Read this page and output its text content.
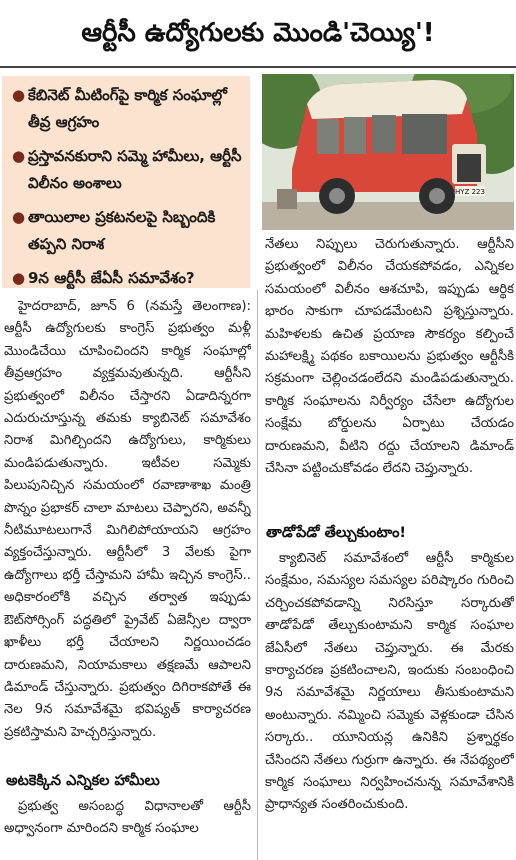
ఆర్టీసీ ఉద్యోగులకు మొండి'చెయ్యి'!
● కేబినెట్ మీటింగ్‌పై కార్మిక సంఘాల్లో తీవ్ర ఆగ్రహం
● ప్రస్తావనకురాని సమ్మె హామీలు, ఆర్టీసీ విలీనం అంశాలు
● తాయిలాల ప్రకటనలపై సిబ్బందికి తప్పని నిరాశ
● 9న ఆర్టీసీ జేఏసీ సమావేశం?
HYZ 223

హైదరాబాద్, జూన్ 6 (నమస్తే తెలంగాణ): ఆర్టీసీ ఉద్యోగులకు కాంగ్రెస్ ప్రభుత్వం మళ్లీ మొండిచేయి చూపించిందని కార్మిక సంఘాల్లో తీవ్రఆగ్రహం వ్యక్తమవుతున్నది. ఆర్టీసీని ప్రభుత్వంలో విలీనం చేస్తారని ఏడాదిన్నరగా ఎదురుచూస్తున్న తమకు క్యాబినెట్ సమావేశం నిరాశ మిగిల్చిందని ఉద్యోగులు, కార్మికులు మండిపడుతున్నారు. ఇటీవల సమ్మెకు పిలుపునిచ్చిన సమయంలో రవాణాశాఖ మంత్రి పొన్నం ప్రభాకర్ చాలా మాటలు చెప్పారని, అవన్నీ నీటిమూటలుగానే మిగిలిపోయాయని ఆగ్రహం వ్యక్తంచేస్తున్నారు. ఆర్టీసీలో 3 వేలకు పైగా ఉద్యోగాలు భర్తీ చేస్తామని హామీ ఇచ్చిన కాంగ్రెస్.. అధికారంలోకి వచ్చిన తర్వాత ఇప్పుడు ఔట్‌సోర్సింగ్ పద్ధతిలో ప్రైవేట్ ఏజెన్సీల ద్వారా ఖాళీలు భర్తీ చేయాలని నిర్ణయించడం దారుణమని, నియామకాలు తక్షణమే ఆపాలని డిమాండ్ చేస్తున్నారు. ప్రభుత్వం దిగిరాకపోతే ఈ నెల 9న సమావేశమై భవిష్యత్ కార్యాచరణ ప్రకటిస్తామని హెచ్చరిస్తున్నారు.

అటకెక్కిన ఎన్నికల హామీలు

ప్రభుత్వ అసంబద్ధ విధానాలతో ఆర్టీసీ అధ్వానంగా మారిందని కార్మిక సంఘాల

నేతలు నిప్పులు చెరుగుతున్నారు. ఆర్టీసీని ప్రభుత్వంలో విలీనం చేయకపోవడం, ఎన్నికల సమయంలో విలీనం ఆశచూపి, ఇప్పుడు ఆర్థిక భారం సాకుగా చూపడమేంటని ప్రశ్నిస్తున్నారు. మహిళలకు ఉచిత ప్రయాణ సౌకర్యం కల్పించే మహాలక్ష్మి పథకం బకాయిలను ప్రభుత్వం ఆర్టీసీకి సక్రమంగా చెల్లించడంలేదని మండిపడుతున్నారు. కార్మిక సంఘాలను నిర్వీర్యం చేసేలా ఉద్యోగుల సంక్షేమ బోర్డులను ఏర్పాటు చేయడం దారుణమని, వీటిని రద్దు చేయాలని డిమాండ్ చేసినా పట్టించుకోవడం లేదని చెప్తున్నారు.

తాడోపేడో తేల్చుకుంటాం!

క్యాబినెట్ సమావేశంలో ఆర్టీసీ కార్మికుల సంక్షేమం, సమస్యల సమస్యల పరిష్కారం గురించి చర్చించకపోవడాన్ని నిరసిస్తూ సర్కారుతో తాడోపేడో తేల్చుకుంటామని కార్మిక సంఘాల జేఏసీలో నేతలు చెప్తున్నారు. ఈ మేరకు కార్యాచరణ ప్రకటించాలని, ఇందుకు సంబంధించి 9న సమావేశమై నిర్ణయాలు తీసుకుంటామని అంటున్నారు. నమ్మించి సమ్మెకు వెళ్లకుండా చేసిన సర్కారు.. యూనియన్ల ఉనికిని ప్రశ్నార్థకం చేసిందని నేతలు గుర్రుగా ఉన్నారు. ఈ నేపథ్యంలో కార్మిక సంఘాలు నిర్వహించనున్న సమావేశానికి ప్రాధాన్యత సంతరించుకుంది.
